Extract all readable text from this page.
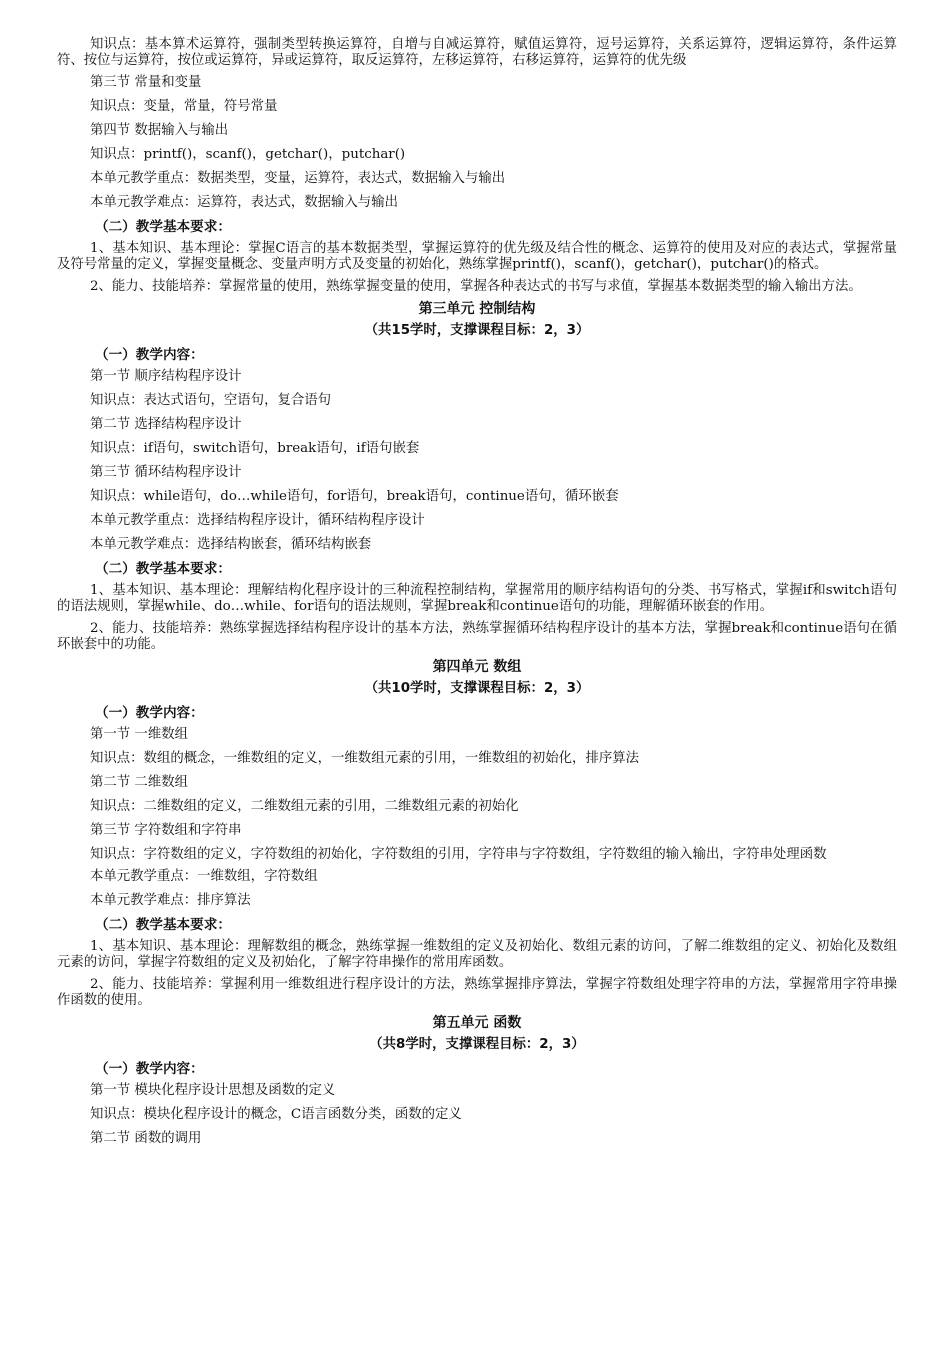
知识点：基本算术运算符，强制类型转换运算符，自增与自减运算符，赋值运算符，逗号运算符，关系运算符，逻辑运算符，条件运算符、按位与运算符，按位或运算符，异或运算符，取反运算符，左移运算符，右移运算符，运算符的优先级
第三节 常量和变量
知识点：变量，常量，符号常量
第四节 数据输入与输出
知识点：printf()，scanf()，getchar()，putchar()
本单元教学重点：数据类型，变量，运算符，表达式，数据输入与输出
本单元教学难点：运算符，表达式，数据输入与输出
（二）教学基本要求：
1、基本知识、基本理论：掌握C语言的基本数据类型，掌握运算符的优先级及结合性的概念、运算符的使用及对应的表达式，掌握常量及符号常量的定义，掌握变量概念、变量声明方式及变量的初始化，熟练掌握printf()，scanf()，getchar()，putchar()的格式。
2、能力、技能培养：掌握常量的使用，熟练掌握变量的使用，掌握各种表达式的书写与求值，掌握基本数据类型的输入输出方法。
第三单元 控制结构
（共15学时，支撑课程目标：2，3）
（一）教学内容：
第一节 顺序结构程序设计
知识点：表达式语句，空语句，复合语句
第二节 选择结构程序设计
知识点：if语句，switch语句，break语句，if语句嵌套
第三节 循环结构程序设计
知识点：while语句，do…while语句，for语句，break语句，continue语句，循环嵌套
本单元教学重点：选择结构程序设计，循环结构程序设计
本单元教学难点：选择结构嵌套，循环结构嵌套
（二）教学基本要求：
1、基本知识、基本理论：理解结构化程序设计的三种流程控制结构，掌握常用的顺序结构语句的分类、书写格式，掌握if和switch语句的语法规则，掌握while、do…while、for语句的语法规则，掌握break和continue语句的功能，理解循环嵌套的作用。
2、能力、技能培养：熟练掌握选择结构程序设计的基本方法，熟练掌握循环结构程序设计的基本方法，掌握break和continue语句在循环嵌套中的功能。
第四单元 数组
（共10学时，支撑课程目标：2，3）
（一）教学内容：
第一节 一维数组
知识点：数组的概念，一维数组的定义，一维数组元素的引用，一维数组的初始化，排序算法
第二节 二维数组
知识点：二维数组的定义，二维数组元素的引用，二维数组元素的初始化
第三节 字符数组和字符串
知识点：字符数组的定义，字符数组的初始化，字符数组的引用，字符串与字符数组，字符数组的输入输出，字符串处理函数
本单元教学重点：一维数组，字符数组
本单元教学难点：排序算法
（二）教学基本要求：
1、基本知识、基本理论：理解数组的概念，熟练掌握一维数组的定义及初始化、数组元素的访问，了解二维数组的定义、初始化及数组元素的访问，掌握字符数组的定义及初始化，了解字符串操作的常用库函数。
2、能力、技能培养：掌握利用一维数组进行程序设计的方法，熟练掌握排序算法，掌握字符数组处理字符串的方法，掌握常用字符串操作函数的使用。
第五单元 函数
（共8学时，支撑课程目标：2，3）
（一）教学内容：
第一节 模块化程序设计思想及函数的定义
知识点：模块化程序设计的概念，C语言函数分类，函数的定义
第二节 函数的调用
